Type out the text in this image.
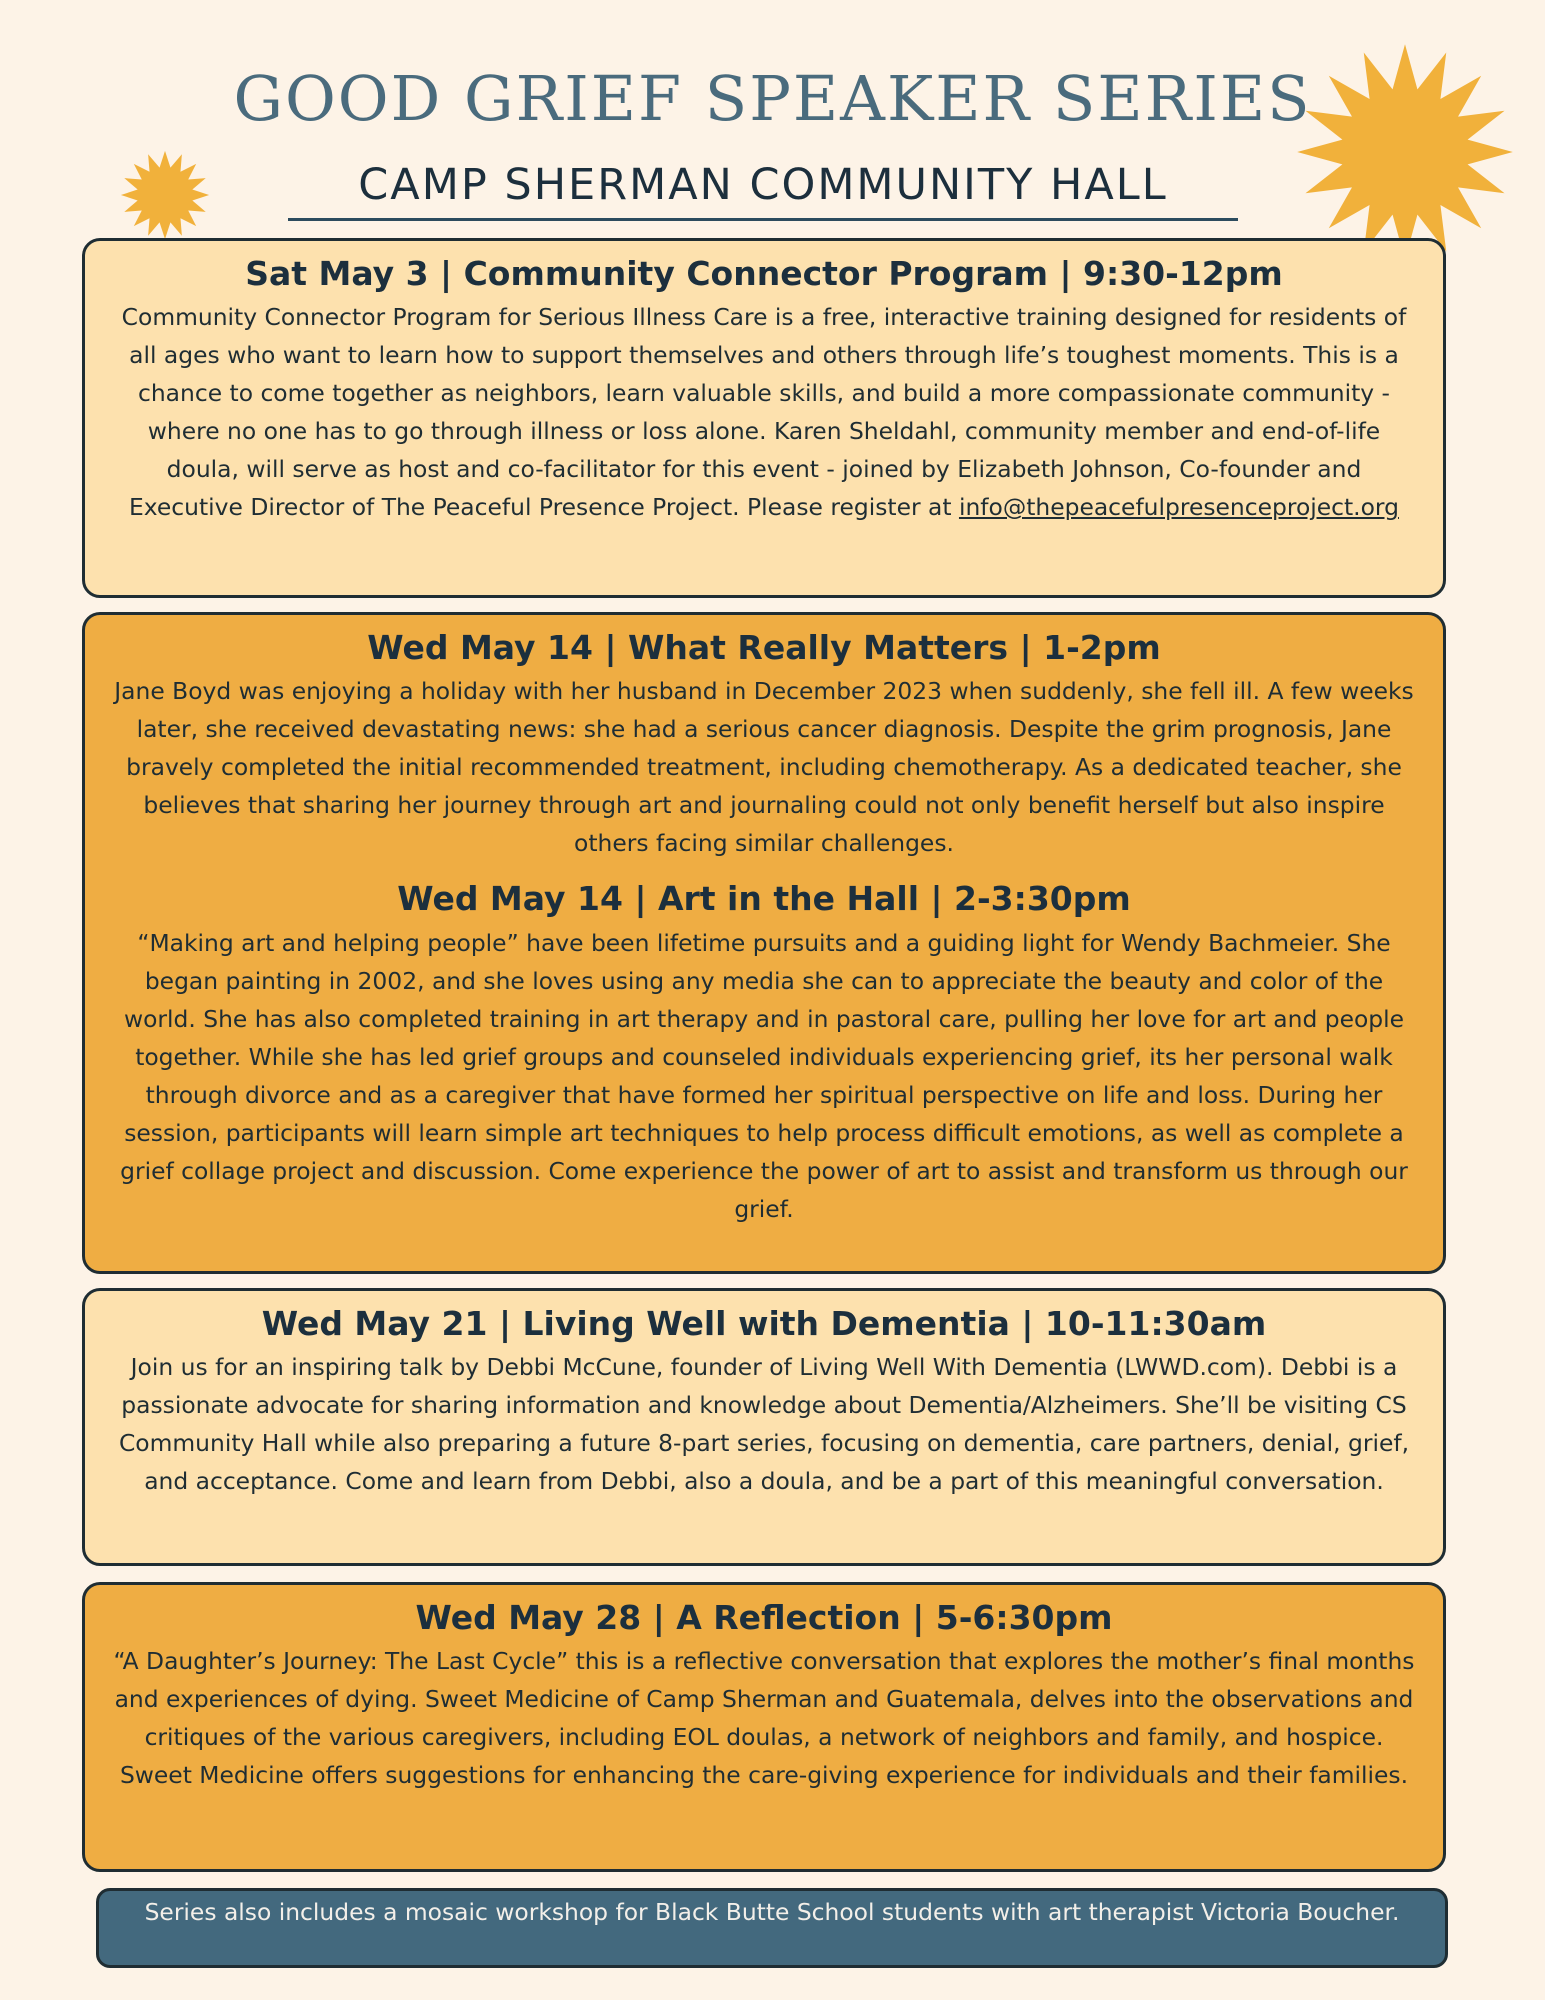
GOOD GRIEF SPEAKER SERIES
CAMP SHERMAN COMMUNITY HALL
Sat May 3 | Community Connector Program | 9:30-12pm

Community Connector Program for Serious Illness Care is a free, interactive training designed for residents of all ages who want to learn how to support themselves and others through life’s toughest moments. This is a chance to come together as neighbors, learn valuable skills, and build a more compassionate community - where no one has to go through illness or loss alone. Karen Sheldahl, community member and end-of-life doula, will serve as host and co-facilitator for this event - joined by Elizabeth Johnson, Co-founder and Executive Director of The Peaceful Presence Project. Please register at info@thepeacefulpresenceproject.org

Wed May 14 | What Really Matters | 1-2pm

Jane Boyd was enjoying a holiday with her husband in December 2023 when suddenly, she fell ill. A few weeks later, she received devastating news: she had a serious cancer diagnosis. Despite the grim prognosis, Jane bravely completed the initial recommended treatment, including chemotherapy. As a dedicated teacher, she believes that sharing her journey through art and journaling could not only benefit herself but also inspire others facing similar challenges.

Wed May 14 | Art in the Hall | 2-3:30pm

“Making art and helping people” have been lifetime pursuits and a guiding light for Wendy Bachmeier. She began painting in 2002, and she loves using any media she can to appreciate the beauty and color of the world. She has also completed training in art therapy and in pastoral care, pulling her love for art and people together. While she has led grief groups and counseled individuals experiencing grief, its her personal walk through divorce and as a caregiver that have formed her spiritual perspective on life and loss. During her session, participants will learn simple art techniques to help process difficult emotions, as well as complete a grief collage project and discussion. Come experience the power of art to assist and transform us through our grief.

Wed May 21 | Living Well with Dementia | 10-11:30am

Join us for an inspiring talk by Debbi McCune, founder of Living Well With Dementia (LWWD.com). Debbi is a passionate advocate for sharing information and knowledge about Dementia/Alzheimers. She’ll be visiting CS Community Hall while also preparing a future 8-part series, focusing on dementia, care partners, denial, grief, and acceptance. Come and learn from Debbi, also a doula, and be a part of this meaningful conversation.

Wed May 28 | A Reflection | 5-6:30pm

“A Daughter’s Journey: The Last Cycle” this is a reflective conversation that explores the mother’s final months and experiences of dying. Sweet Medicine of Camp Sherman and Guatemala, delves into the observations and critiques of the various caregivers, including EOL doulas, a network of neighbors and family, and hospice. Sweet Medicine offers suggestions for enhancing the care-giving experience for individuals and their families.

Series also includes a mosaic workshop for Black Butte School students with art therapist Victoria Boucher.
